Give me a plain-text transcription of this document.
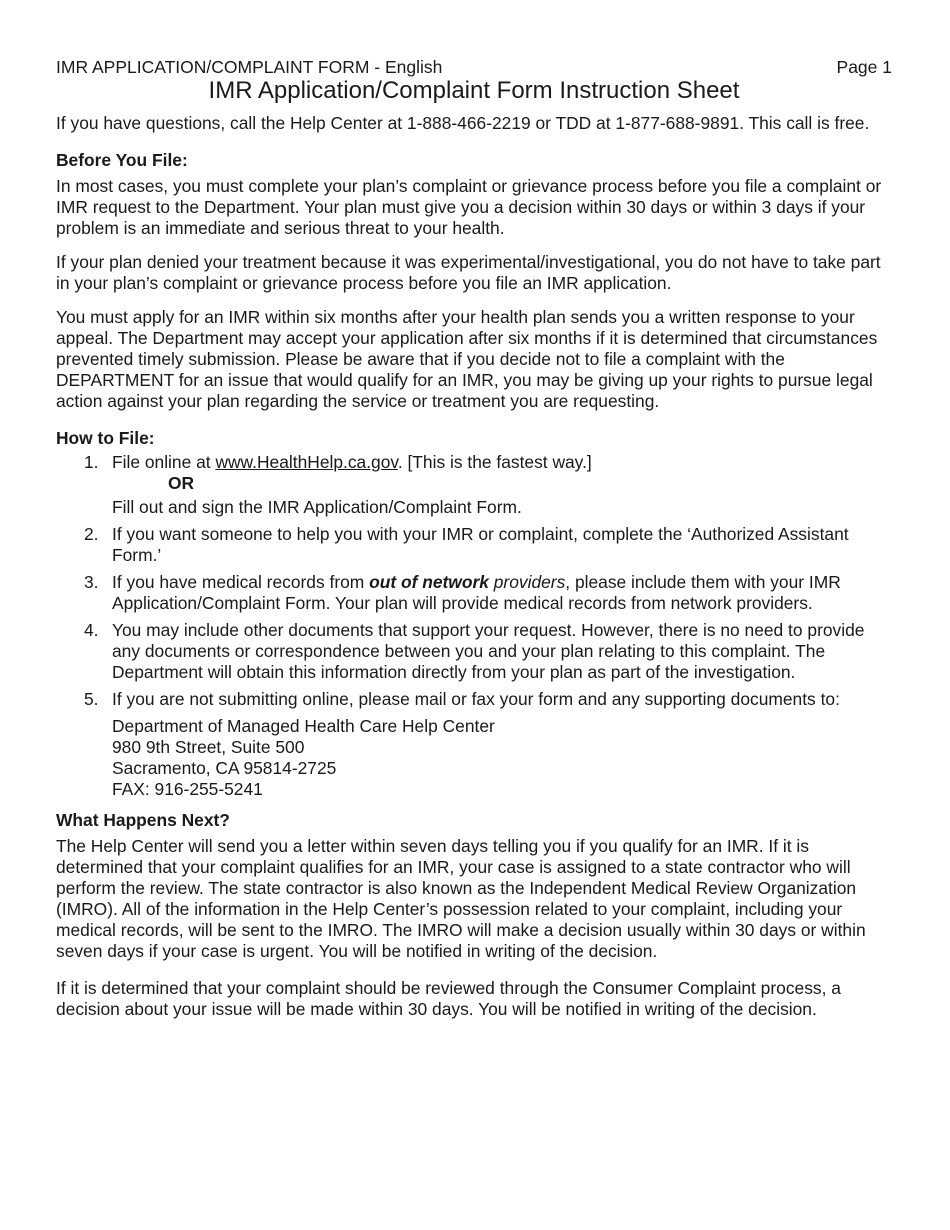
IMR APPLICATION/COMPLAINT FORM - English	Page 1
IMR Application/Complaint Form Instruction Sheet

If you have questions, call the Help Center at 1-888-466-2219 or TDD at 1-877-688-9891. This call is free.

Before You File:

In most cases, you must complete your plan’s complaint or grievance process before you file a complaint or IMR request to the Department. Your plan must give you a decision within 30 days or within 3 days if your problem is an immediate and serious threat to your health.

If your plan denied your treatment because it was experimental/investigational, you do not have to take part in your plan’s complaint or grievance process before you file an IMR application.

You must apply for an IMR within six months after your health plan sends you a written response to your appeal. The Department may accept your application after six months if it is determined that circumstances prevented timely submission. Please be aware that if you decide not to file a complaint with the DEPARTMENT for an issue that would qualify for an IMR, you may be giving up your rights to pursue legal action against your plan regarding the service or treatment you are requesting.

How to File:
1. File online at www.HealthHelp.ca.gov. [This is the fastest way.]
OR
Fill out and sign the IMR Application/Complaint Form.
2. If you want someone to help you with your IMR or complaint, complete the ‘Authorized Assistant Form.’
3. If you have medical records from out of network providers, please include them with your IMR Application/Complaint Form. Your plan will provide medical records from network providers.
4. You may include other documents that support your request. However, there is no need to provide any documents or correspondence between you and your plan relating to this complaint. The Department will obtain this information directly from your plan as part of the investigation.
5. If you are not submitting online, please mail or fax your form and any supporting documents to:

Department of Managed Health Care Help Center

980 9th Street, Suite 500

Sacramento, CA 95814-2725

FAX: 916-255-5241

What Happens Next?

The Help Center will send you a letter within seven days telling you if you qualify for an IMR. If it is determined that your complaint qualifies for an IMR, your case is assigned to a state contractor who will perform the review. The state contractor is also known as the Independent Medical Review Organization (IMRO). All of the information in the Help Center’s possession related to your complaint, including your medical records, will be sent to the IMRO. The IMRO will make a decision usually within 30 days or within seven days if your case is urgent. You will be notified in writing of the decision.

If it is determined that your complaint should be reviewed through the Consumer Complaint process, a decision about your issue will be made within 30 days. You will be notified in writing of the decision.
